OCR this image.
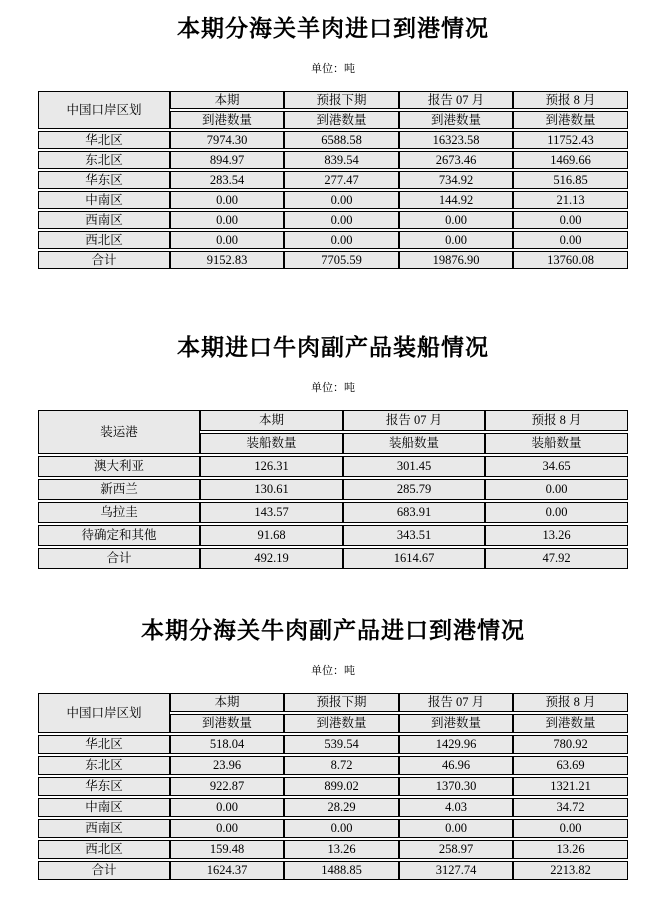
本期分海关羊肉进口到港情况
单位：吨
中国口岸区划	本期	预报下期	报告 07 月	预报 8 月
	到港数量	到港数量	到港数量	到港数量
华北区	7974.30	6588.58	16323.58	11752.43
东北区	894.97	839.54	2673.46	1469.66
华东区	283.54	277.47	734.92	516.85
中南区	0.00	0.00	144.92	21.13
西南区	0.00	0.00	0.00	0.00
西北区	0.00	0.00	0.00	0.00
合计	9152.83	7705.59	19876.90	13760.08
本期进口牛肉副产品装船情况
单位：吨
装运港	本期	报告 07 月	预报 8 月
	装船数量	装船数量	装船数量
澳大利亚	126.31	301.45	34.65
新西兰	130.61	285.79	0.00
乌拉圭	143.57	683.91	0.00
待确定和其他	91.68	343.51	13.26
合计	492.19	1614.67	47.92
本期分海关牛肉副产品进口到港情况
单位：吨
中国口岸区划	本期	预报下期	报告 07 月	预报 8 月
	到港数量	到港数量	到港数量	到港数量
华北区	518.04	539.54	1429.96	780.92
东北区	23.96	8.72	46.96	63.69
华东区	922.87	899.02	1370.30	1321.21
中南区	0.00	28.29	4.03	34.72
西南区	0.00	0.00	0.00	0.00
西北区	159.48	13.26	258.97	13.26
合计	1624.37	1488.85	3127.74	2213.82
